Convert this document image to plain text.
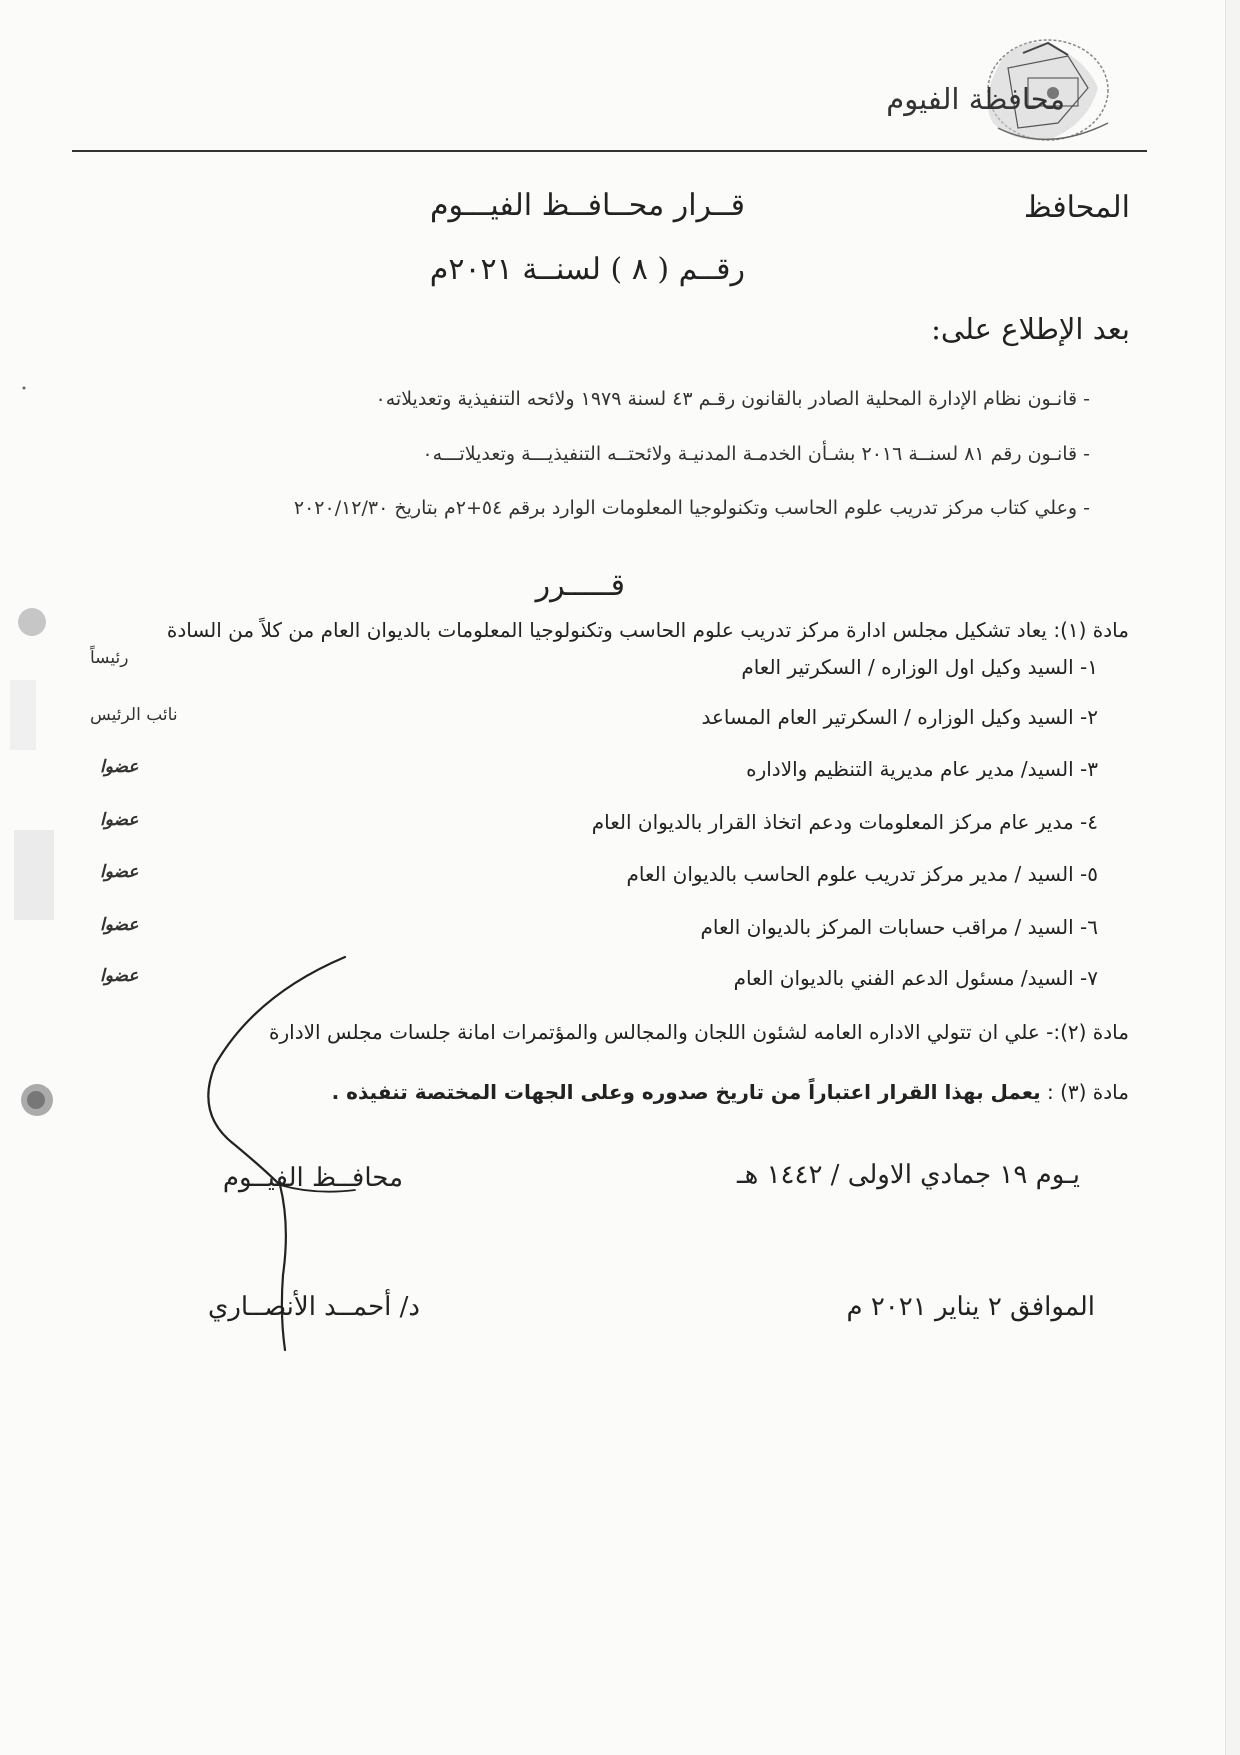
محافظة الفيوم
المحافظ
قــرار محــافــظ الفيـــوم
رقــم ( ٨ ) لسنــة ٢٠٢١م
بعد الإطلاع على:
- قانـون نظام الإدارة المحلية الصادر بالقانون رقـم ٤٣ لسنة ١٩٧٩ ولائحه التنفيذية وتعديلاته٠
- قانـون رقم ٨١ لسنــة ٢٠١٦ بشـأن الخدمـة المدنيـة ولائحتــه التنفيذيـــة وتعديلاتـــه٠
- وعلي كتاب مركز تدريب علوم الحاسب وتكنولوجيا المعلومات الوارد برقم ٥٤+٢م بتاريخ ٢٠٢٠/١٢/٣٠
قـــــرر
مادة (١): يعاد تشكيل مجلس ادارة مركز تدريب علوم الحاسب وتكنولوجيا المعلومات بالديوان العام من كلاً من السادة
١- السيد وكيل اول الوزاره / السكرتير العام
رئيساً
٢- السيد وكيل الوزاره / السكرتير العام المساعد
نائب الرئيس
٣- السيد/ مدير عام مديرية التنظيم والاداره
عضوا
٤- مدير عام مركز المعلومات ودعم اتخاذ القرار بالديوان العام
عضوا
٥- السيد / مدير مركز تدريب علوم الحاسب بالديوان العام
عضوا
٦- السيد / مراقب حسابات المركز بالديوان العام
عضوا
٧- السيد/ مسئول الدعم الفني بالديوان العام
عضوا
مادة (٢):- علي ان تتولي الاداره العامه لشئون اللجان والمجالس والمؤتمرات امانة جلسات مجلس الادارة
مادة (٣) : يعمل بهذا القرار اعتباراً من تاريخ صدوره وعلى الجهات المختصة تنفيذه .
محافــظ الفيــوم
د/ أحمــد الأنصــاري
يـوم ١٩ جمادي الاولى / ١٤٤٢ هـ
الموافق ٢ يناير ٢٠٢١ م
